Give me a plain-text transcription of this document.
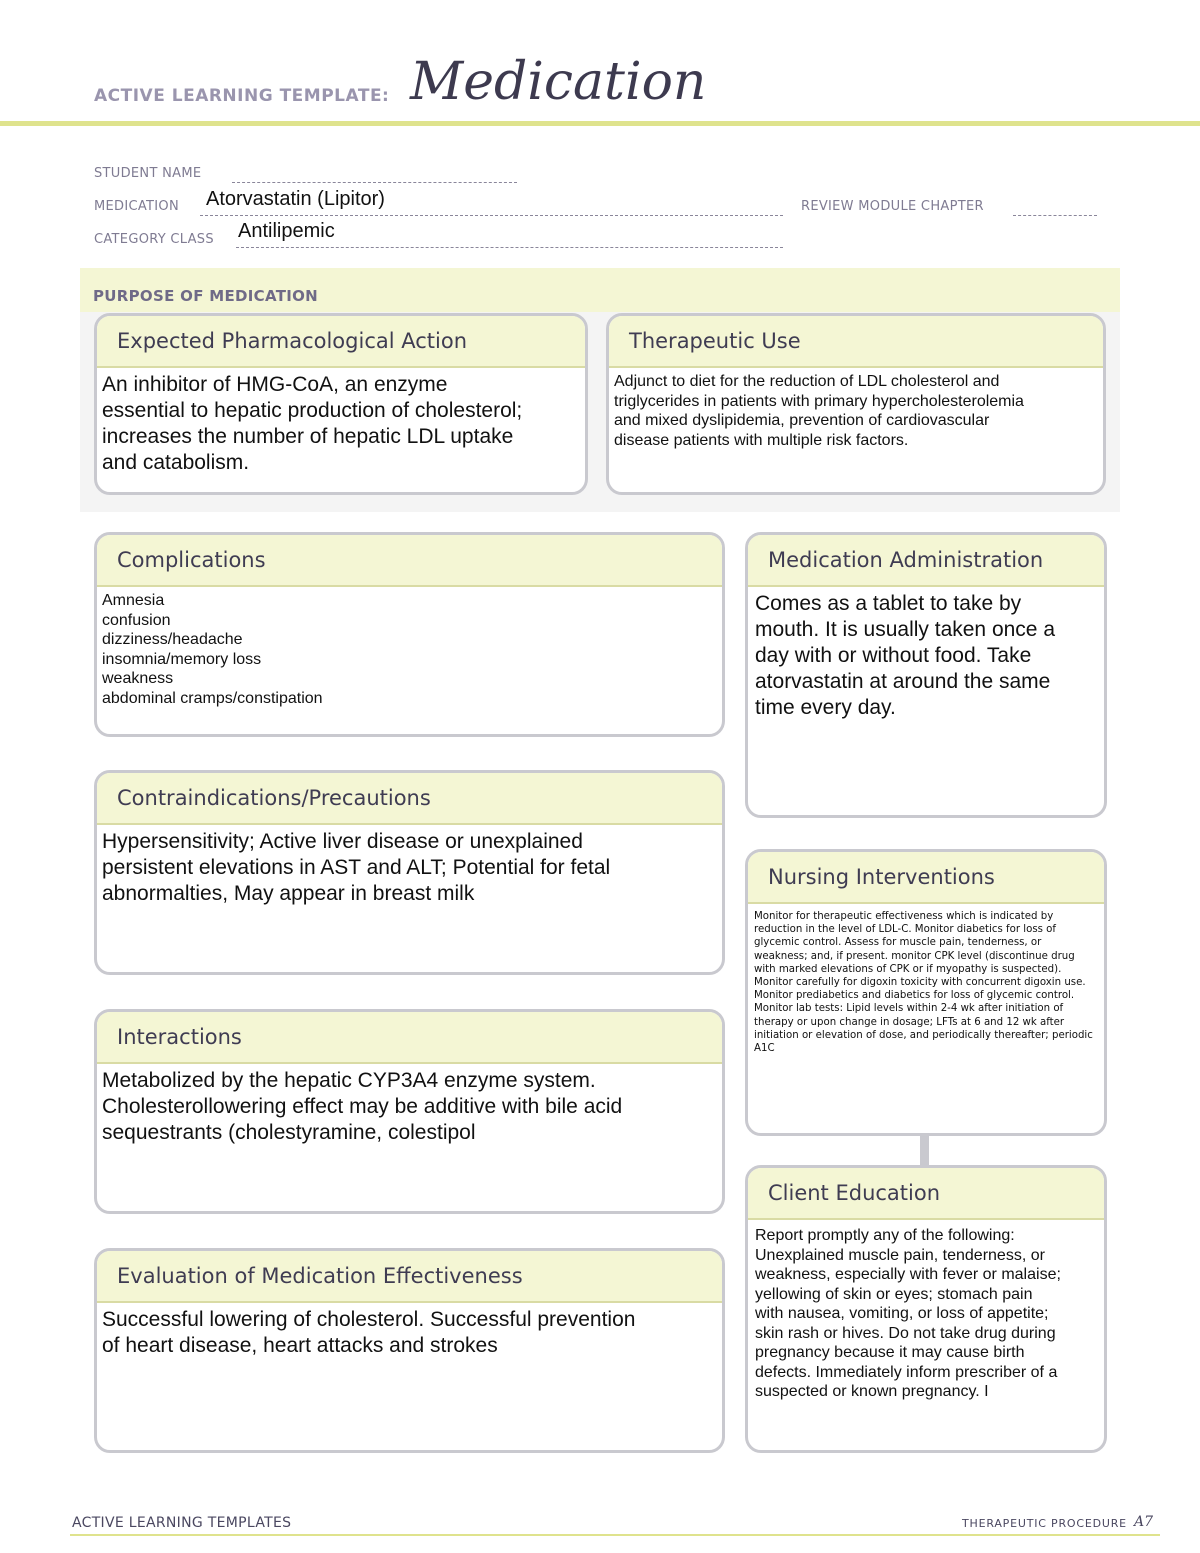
ACTIVE LEARNING TEMPLATE: Medication
STUDENT NAME
MEDICATION Atorvastatin (Lipitor)	REVIEW MODULE CHAPTER
CATEGORY CLASS Antilipemic
PURPOSE OF MEDICATION
Expected Pharmacological Action
An inhibitor of HMG-CoA, an enzyme
essential to hepatic production of cholesterol;
increases the number of hepatic LDL uptake
and catabolism.
Therapeutic Use
Adjunct to diet for the reduction of LDL cholesterol and
triglycerides in patients with primary hypercholesterolemia
and mixed dyslipidemia, prevention of cardiovascular
disease patients with multiple risk factors.
Complications
Amnesia
confusion
dizziness/headache
insomnia/memory loss
weakness
abdominal cramps/constipation
Medication Administration
Comes as a tablet to take by
mouth. It is usually taken once a
day with or without food. Take
atorvastatin at around the same
time every day.
Contraindications/Precautions
Hypersensitivity; Active liver disease or unexplained
persistent elevations in AST and ALT; Potential for fetal
abnormalties, May appear in breast milk
Nursing Interventions
Monitor for therapeutic effectiveness which is indicated by
reduction in the level of LDL-C. Monitor diabetics for loss of
glycemic control. Assess for muscle pain, tenderness, or
weakness; and, if present. monitor CPK level (discontinue drug
with marked elevations of CPK or if myopathy is suspected).
Monitor carefully for digoxin toxicity with concurrent digoxin use.
Monitor prediabetics and diabetics for loss of glycemic control.
Monitor lab tests: Lipid levels within 2-4 wk after initiation of
therapy or upon change in dosage; LFTs at 6 and 12 wk after
initiation or elevation of dose, and periodically thereafter; periodic
A1C
Interactions
Metabolized by the hepatic CYP3A4 enzyme system.
Cholesterollowering effect may be additive with bile acid
sequestrants (cholestyramine, colestipol
Client Education
Report promptly any of the following:
Unexplained muscle pain, tenderness, or
weakness, especially with fever or malaise;
yellowing of skin or eyes; stomach pain
with nausea, vomiting, or loss of appetite;
skin rash or hives. Do not take drug during
pregnancy because it may cause birth
defects. Immediately inform prescriber of a
suspected or known pregnancy. I
Evaluation of Medication Effectiveness
Successful lowering of cholesterol. Successful prevention
of heart disease, heart attacks and strokes
ACTIVE LEARNING TEMPLATES	THERAPEUTIC PROCEDURE A7
